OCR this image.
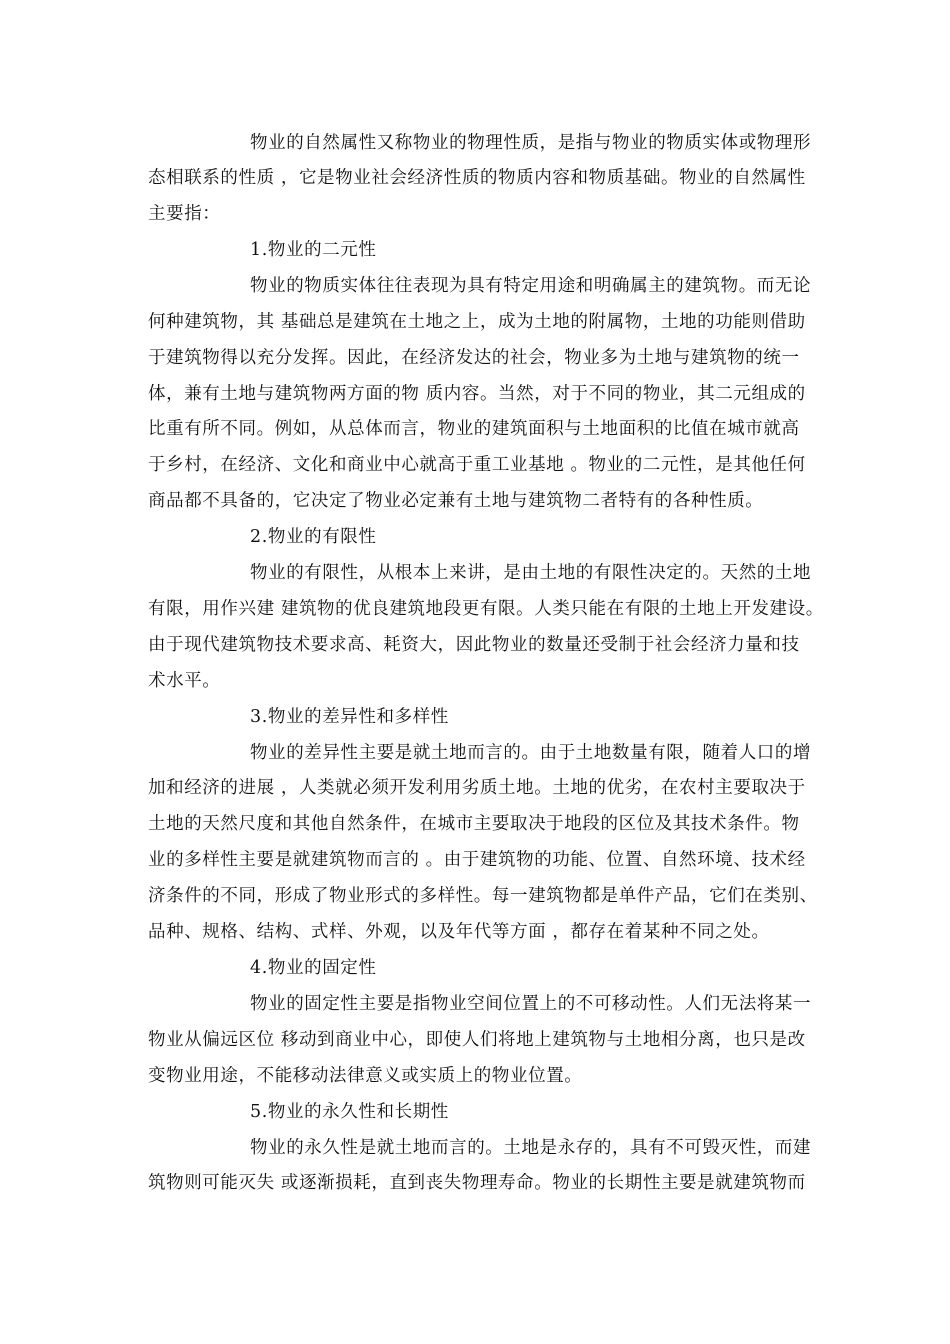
物业的自然属性又称物业的物理性质，是指与物业的物质实体或物理形
态相联系的性质 ，它是物业社会经济性质的物质内容和物质基础。物业的自然属性
主要指：
1.物业的二元性
物业的物质实体往往表现为具有特定用途和明确属主的建筑物。而无论
何种建筑物，其 基础总是建筑在土地之上，成为土地的附属物，土地的功能则借助
于建筑物得以充分发挥。因此，在经济发达的社会，物业多为土地与建筑物的统一
体，兼有土地与建筑物两方面的物 质内容。当然，对于不同的物业，其二元组成的
比重有所不同。例如，从总体而言，物业的建筑面积与土地面积的比值在城市就高
于乡村，在经济、文化和商业中心就高于重工业基地 。物业的二元性，是其他任何
商品都不具备的，它决定了物业必定兼有土地与建筑物二者特有的各种性质。
2.物业的有限性
物业的有限性，从根本上来讲，是由土地的有限性决定的。天然的土地
有限，用作兴建 建筑物的优良建筑地段更有限。人类只能在有限的土地上开发建设。
由于现代建筑物技术要求高、耗资大，因此物业的数量还受制于社会经济力量和技
术水平。
3.物业的差异性和多样性
物业的差异性主要是就土地而言的。由于土地数量有限，随着人口的增
加和经济的进展 ，人类就必须开发利用劣质土地。土地的优劣，在农村主要取决于
土地的天然尺度和其他自然条件，在城市主要取决于地段的区位及其技术条件。物
业的多样性主要是就建筑物而言的 。由于建筑物的功能、位置、自然环境、技术经
济条件的不同，形成了物业形式的多样性。每一建筑物都是单件产品，它们在类别、
品种、规格、结构、式样、外观，以及年代等方面 ，都存在着某种不同之处。
4.物业的固定性
物业的固定性主要是指物业空间位置上的不可移动性。人们无法将某一
物业从偏远区位 移动到商业中心，即使人们将地上建筑物与土地相分离，也只是改
变物业用途，不能移动法律意义或实质上的物业位置。
5.物业的永久性和长期性
物业的永久性是就土地而言的。土地是永存的，具有不可毁灭性，而建
筑物则可能灭失 或逐渐损耗，直到丧失物理寿命。物业的长期性主要是就建筑物而
